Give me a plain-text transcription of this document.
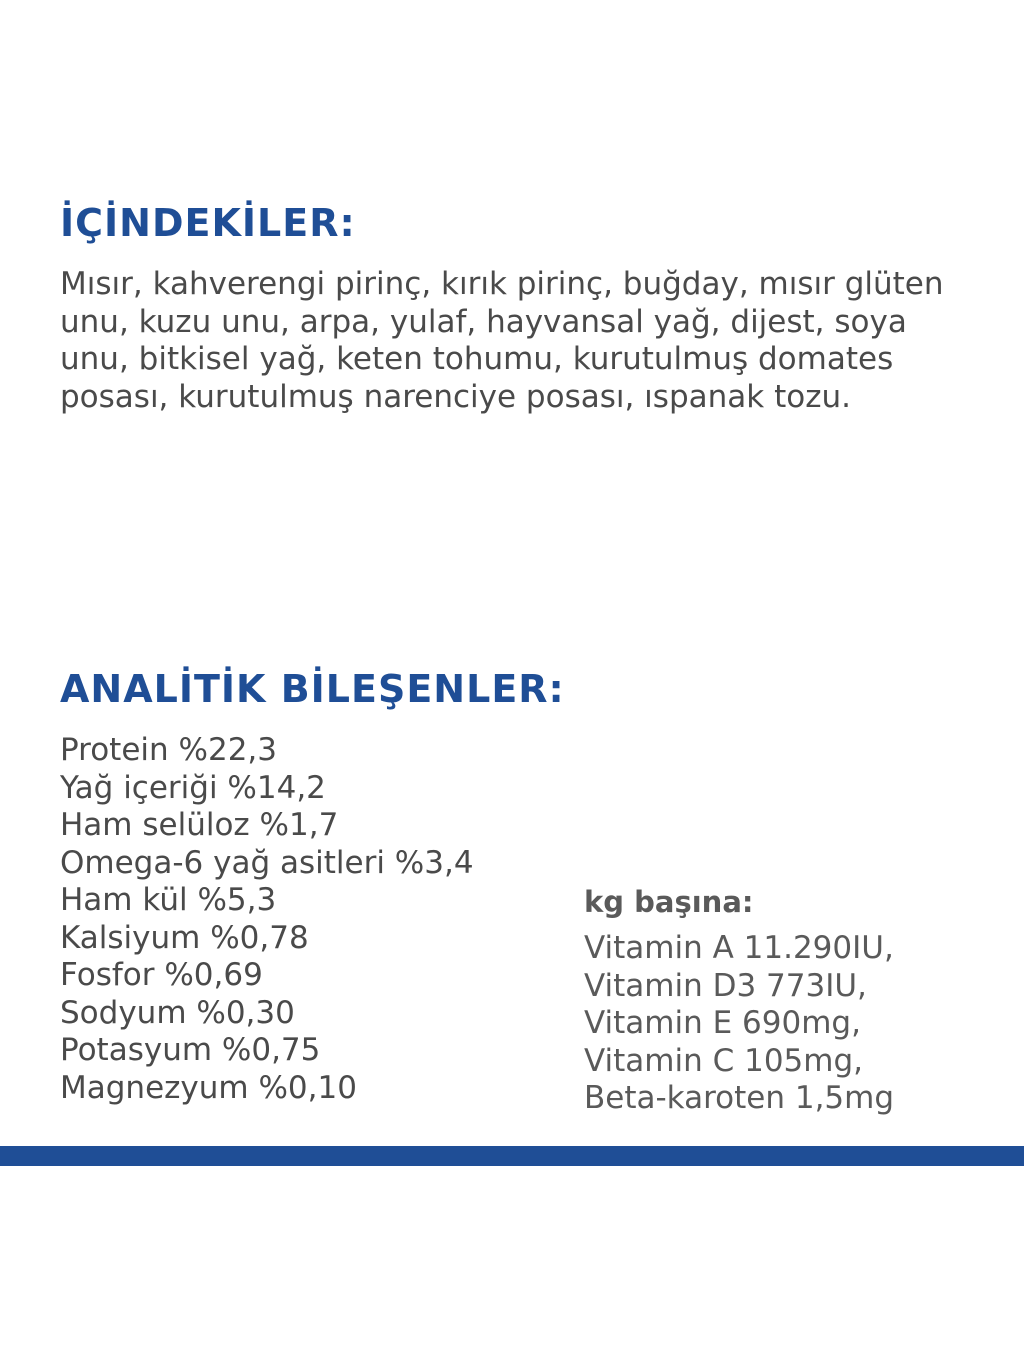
İÇİNDEKİLER:

Mısır, kahverengi pirinç, kırık pirinç, buğday, mısır glüten unu, kuzu unu, arpa, yulaf, hayvansal yağ, dijest, soya unu, bitkisel yağ, keten tohumu, kurutulmuş domates posası, kurutulmuş narenciye posası, ıspanak tozu.

ANALİTİK BİLEŞENLER:
Protein %22,3
Yağ içeriği %14,2
Ham selüloz %1,7
Omega-6 yağ asitleri %3,4
Ham kül %5,3
Kalsiyum %0,78
Fosfor %0,69
Sodyum %0,30
Potasyum %0,75
Magnezyum %0,10
kg başına:
Vitamin A 11.290IU,
Vitamin D3 773IU,
Vitamin E 690mg,
Vitamin C 105mg,
Beta-karoten 1,5mg
